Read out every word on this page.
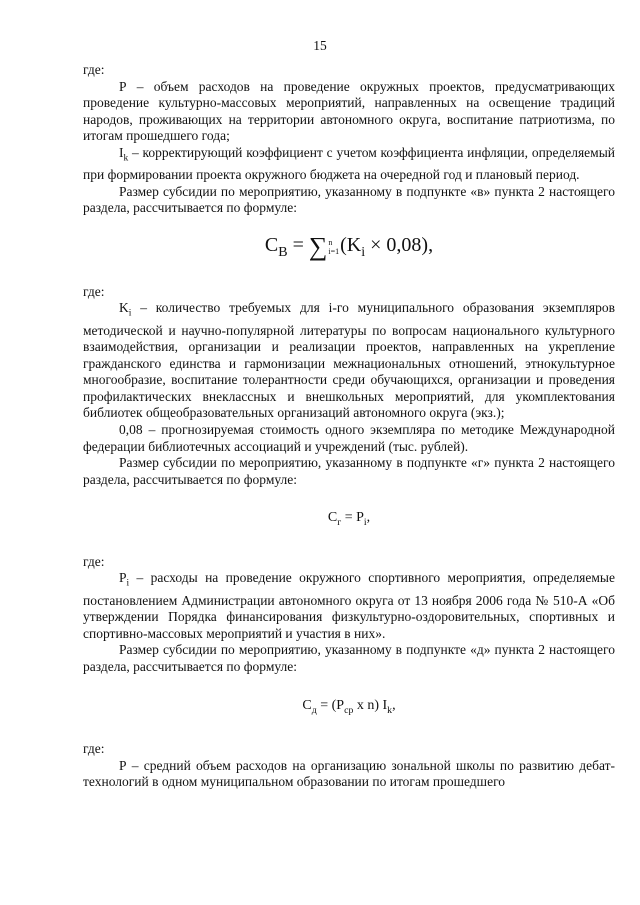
15

где:

Р – объем расходов на проведение окружных проектов, предусматривающих проведение культурно-массовых мероприятий, направленных на освещение традиций народов, проживающих на территории автономного округа, воспитание патриотизма, по итогам прошедшего года;

$I_k$ – корректирующий коэффициент с учетом коэффициента инфляции, определяемый при формировании проекта окружного бюджета на очередной год и плановый период.

Размер субсидии по мероприятию, указанному в подпункте «в» пункта 2 настоящего раздела, рассчитывается по формуле:

$С_В = \sum n$
$i=1(K_i \times 0,08)$,

где:

$K_i$ – количество требуемых для i-го муниципального образования экземпляров методической и научно-популярной литературы по вопросам национального культурного взаимодействия, организации и реализации проектов, направленных на укрепление гражданского единства и гармонизации межнациональных отношений, этнокультурное многообразие, воспитание толерантности среди обучающихся, организации и проведения профилактических внеклассных и внешкольных мероприятий, для укомплектования библиотек общеобразовательных организаций автономного округа (экз.);

0,08 – прогнозируемая стоимость одного экземпляра по методике Международной федерации библиотечных ассоциаций и учреждений (тыс. рублей).

Размер субсидии по мероприятию, указанному в подпункте «г» пункта 2 настоящего раздела, рассчитывается по формуле:

$С_г = P_i$,

где:

$P_i$ – расходы на проведение окружного спортивного мероприятия, определяемые постановлением Администрации автономного округа от 13 ноября 2006 года № 510-А «Об утверждении Порядка финансирования физкультурно-оздоровительных, спортивных и спортивно-массовых мероприятий и участия в них».

Размер субсидии по мероприятию, указанному в подпункте «д» пункта 2 настоящего раздела, рассчитывается по формуле:

$С_д = (P_{ср}$ х n) $I_k$,

где:

Р – средний объем расходов на организацию зональной школы по развитию дебат-технологий в одном муниципальном образовании по итогам прошедшего
